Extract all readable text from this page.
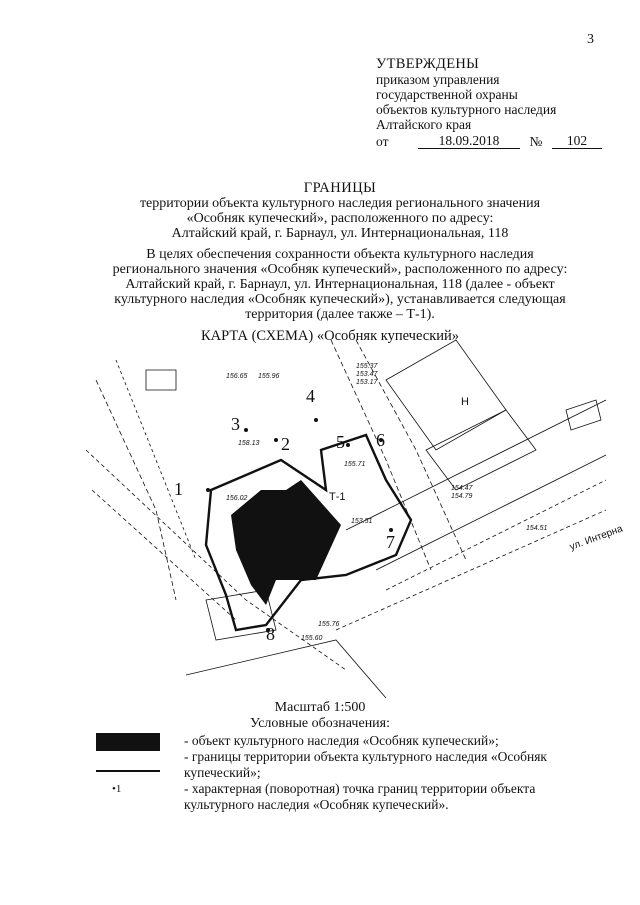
3
УТВЕРЖДЕНЫ
приказом управления
государственной охраны
объектов культурного наследия
Алтайского края
от	18.09.2018	№	102
ГРАНИЦЫ
территории объекта культурного наследия регионального значения
«Особняк купеческий», расположенного по адресу:
Алтайский край, г. Барнаул, ул. Интернациональная, 118
В целях обеспечения сохранности объекта культурного наследия
регионального значения «Особняк купеческий», расположенного по адресу:
Алтайский край, г. Барнаул, ул. Интернациональная, 118 (далее - объект
культурного наследия «Особняк купеческий»), устанавливается следующая
территория (далее также – Т-1).
КАРТА (СХЕМА) «Особняк купеческий»
1
2
3
4
5 6
7
8
Т-1
ул. Интерна
Н
156.65 155.96
158.13
156.02
155.71
155.37
153.47
153.17
153.51
155.60
155.76
154.47
154.79
154.51
Масштаб 1:500
Условные обозначения:
•1
- объект культурного наследия «Особняк купеческий»;
- границы территории объекта культурного наследия «Особняк купеческий»;
- характерная (поворотная) точка границ территории объекта культурного наследия «Особняк купеческий».
